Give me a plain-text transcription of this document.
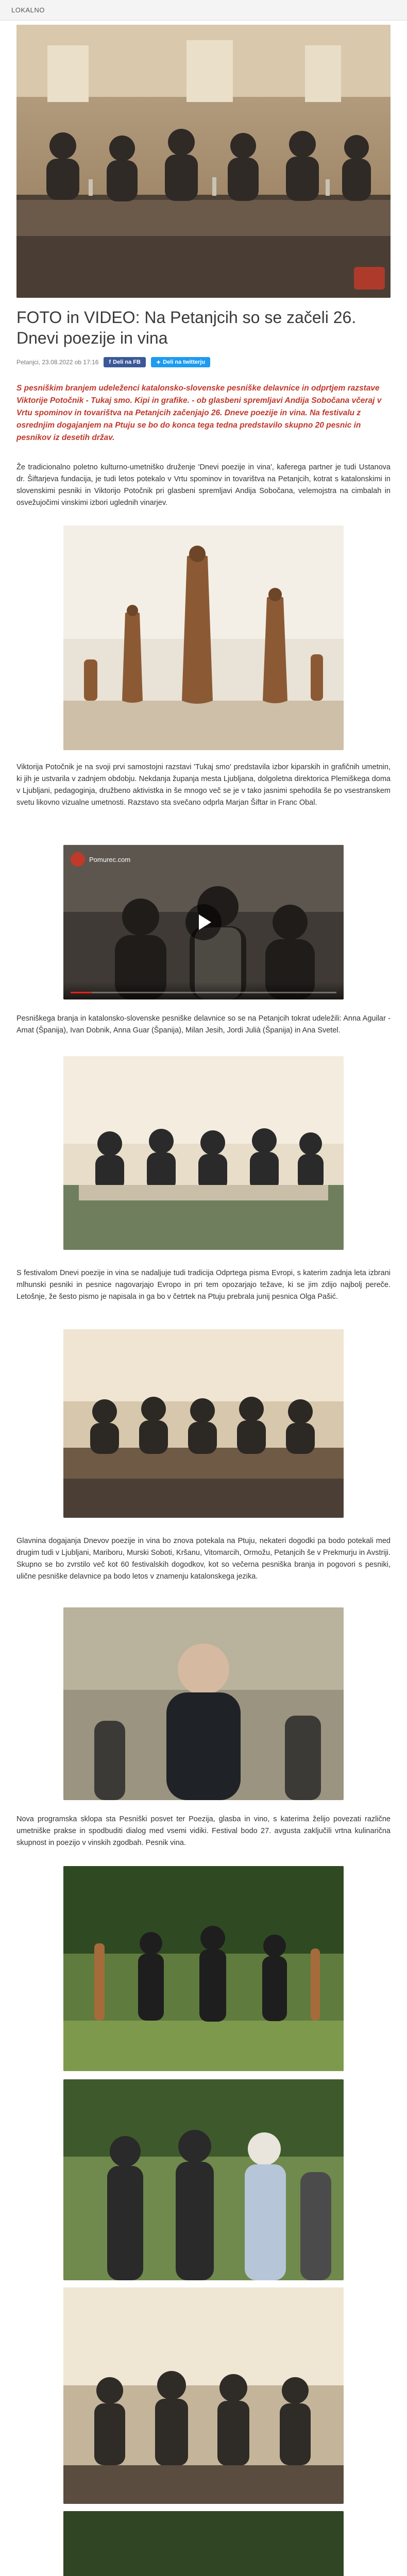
LOKALNO
FOTO in VIDEO: Na Petanjcih so se začeli 26. Dnevi poezije in vina
Petanjci, 23.08.2022 ob 17:16 f Deli na FB	✦ Deli na twitterju

S pesniškim branjem udeleženci katalonsko-slovenske pesniške delavnice in odprtjem razstave Viktorije Potočnik - Tukaj smo. Kipi in grafike. - ob glasbeni spremljavi Andija Sobočana včeraj v Vrtu spominov in tovarištva na Petanjcih začenjajo 26. Dneve poezije in vina. Na festivalu z osrednjim dogajanjem na Ptuju se bo do konca tega tedna predstavilo skupno 20 pesnic in pesnikov iz desetih držav.

Že tradicionalno poletno kulturno-umetniško druženje 'Dnevi poezije in vina', kaferega partner je tudi Ustanova dr. Šiftarjeva fundacija, je tudi letos potekalo v Vrtu spominov in tovarištva na Petanjcih, kotrat s katalonskimi in slovenskimi pesniki in Viktorijo Potočnik pri glasbeni spremljavi Andija Sobočana, velemojstra na cimbalah in osvežujočimi vinskimi izbori uglednih vinarjev.

Viktorija Potočnik je na svoji prvi samostojni razstavi 'Tukaj smo' predstavila izbor kiparskih in grafičnih umetnin, ki jih je ustvarila v zadnjem obdobju. Nekdanja županja mesta Ljubljana, dolgoletna direktorica Plemiškega doma v Ljubljani, pedagoginja, družbeno aktivistka in še mnogo več se je v tako jasnimi spehodila še po vsestranskem svetu likovno vizualne umetnosti. Razstavo sta svečano odprla Marjan Šiftar in Franc Obal.

Pomurec.com

Pesniškega branja in katalonsko-slovenske pesniške delavnice so se na Petanjcih tokrat udeležili: Anna Aguilar - Amat (Španija), Ivan Dobnik, Anna Guar (Španija), Milan Jesih, Jordi Julià (Španija) in Ana Svetel.

S festivalom Dnevi poezije in vina se nadaljuje tudi tradicija Odprtega pisma Evropi, s katerim zadnja leta izbrani mlhunski pesniki in pesnice nagovarjajo Evropo in pri tem opozarjajo težave, ki se jim zdijo najbolj pereče. Letošnje, že šesto pismo je napisala in ga bo v četrtek na Ptuju prebrala junij pesnica Olga Pašić.

Glavnina dogajanja Dnevov poezije in vina bo znova potekala na Ptuju, nekateri dogodki pa bodo potekali med drugim tudi v Ljubljani, Mariboru, Murski Soboti, Kršanu, Vitomarcih, Ormožu, Petanjcih še v Prekmurju in Avstriji. Skupno se bo zvrstilo več kot 60 festivalskih dogodkov, kot so večerna pesniška branja in pogovori s pesniki, ulične pesniške delavnice pa bodo letos v znamenju katalonskega jezika.

Nova programska sklopa sta Pesniški posvet ter Poezija, glasba in vino, s katerima želijo povezati različne umetniške prakse in spodbuditi dialog med vsemi vidiki. Festival bodo 27. avgusta zaključili vrtna kulinarična skupnost in poezijo v vinskih zgodbah. Pesnik vina.
